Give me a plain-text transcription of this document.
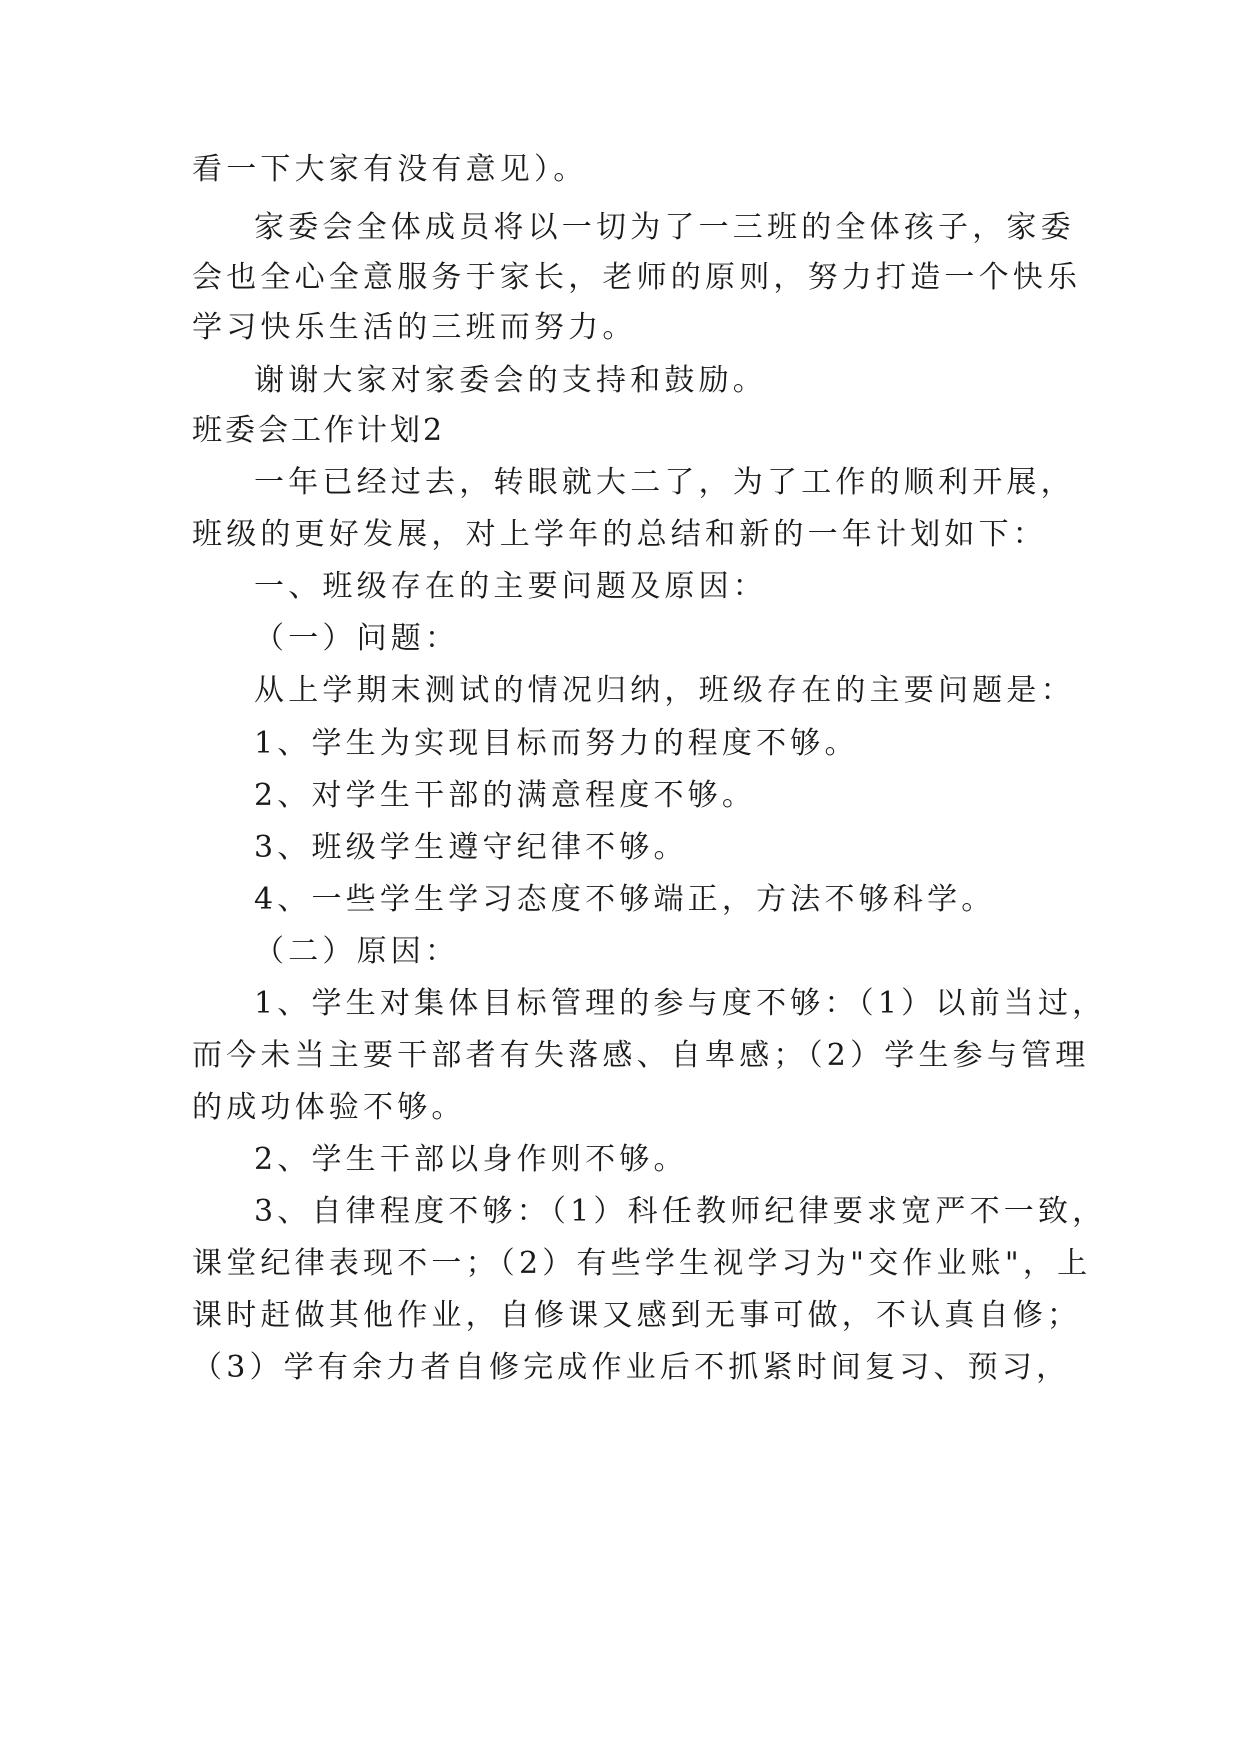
看一下大家有没有意见）。
家委会全体成员将以一切为了一三班的全体孩子，家委
会也全心全意服务于家长，老师的原则，努力打造一个快乐
学习快乐生活的三班而努力。
谢谢大家对家委会的支持和鼓励。
班委会工作计划2
一年已经过去，转眼就大二了，为了工作的顺利开展，
班级的更好发展，对上学年的总结和新的一年计划如下：
一、班级存在的主要问题及原因：
（一）问题：
从上学期末测试的情况归纳，班级存在的主要问题是：
1、学生为实现目标而努力的程度不够。
2、对学生干部的满意程度不够。
3、班级学生遵守纪律不够。
4、一些学生学习态度不够端正，方法不够科学。
（二）原因：
1、学生对集体目标管理的参与度不够：（1）以前当过，
而今未当主要干部者有失落感、自卑感；（2）学生参与管理
的成功体验不够。
2、学生干部以身作则不够。
3、自律程度不够：（1）科任教师纪律要求宽严不一致，
课堂纪律表现不一；（2）有些学生视学习为"交作业账"，上
课时赶做其他作业，自修课又感到无事可做，不认真自修；
（3）学有余力者自修完成作业后不抓紧时间复习、预习，
